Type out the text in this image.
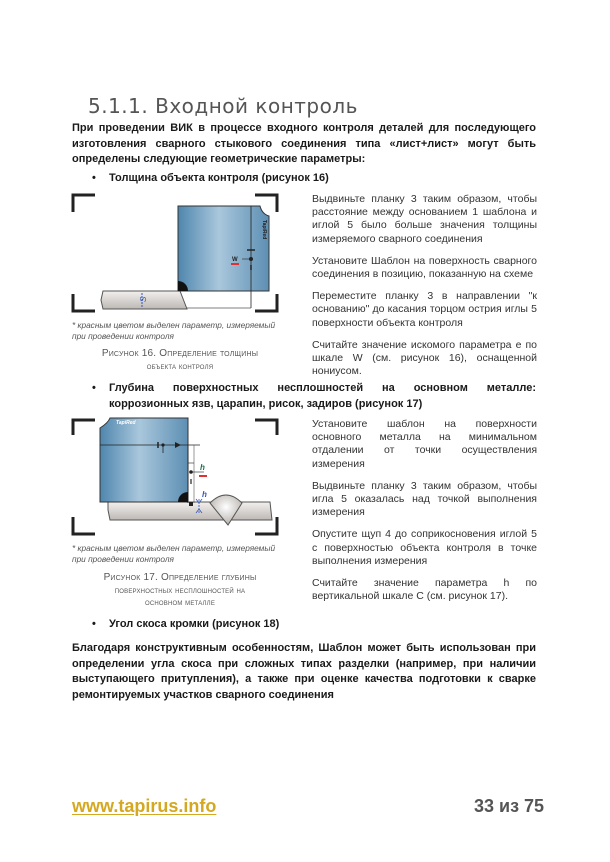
5.1.1. Входной контроль
При проведении ВИК в процессе входного контроля деталей для последующего изготовления сварного стыкового соединения типа «лист+лист» могут быть определены следующие геометрические параметры:
• Толщина объекта контроля (рисунок 16)
S
TapiRed
W
* красным цветом выделен параметр, измеряемый при проведении контроля
Рисунок 16. Определение толщины
объекта контроля

Выдвиньте планку 3 таким образом, чтобы расстояние между основанием 1 шаблона и иглой 5 было больше значения толщины измеряемого сварного соединения

Установите Шаблон на поверхность сварного соединения в позицию, показанную на схеме

Переместите планку 3 в направлении "к основанию" до касания торцом острия иглы 5 поверхности объекта контроля

Считайте значение искомого параметра e по шкале W (см. рисунок 16), оснащенной нониусом.

• Глубина поверхностных несплошностей на основном металле: коррозионных язв, царапин, рисок, задиров (рисунок 17)
TapiRed
h
h
* красным цветом выделен параметр, измеряемый при проведении контроля
Рисунок 17. Определение глубины
поверхностных несплошностей на
основном металле

Установите шаблон на поверхности основного металла на минимальном отдалении от точки осуществления измерения

Выдвиньте планку 3 таким образом, чтобы игла 5 оказалась над точкой выполнения измерения

Опустите щуп 4 до соприкосновения иглой 5 с поверхностью объекта контроля в точке выполнения измерения

Считайте значение параметра h по вертикальной шкале С (см. рисунок 17).

• Угол скоса кромки (рисунок 18)
Благодаря конструктивным особенностям, Шаблон может быть использован при определении угла скоса при сложных типах разделки (например, при наличии выступающего притупления), а также при оценке качества подготовки к сварке ремонтируемых участков сварного соединения
www.tapirus.info	33 из 75
